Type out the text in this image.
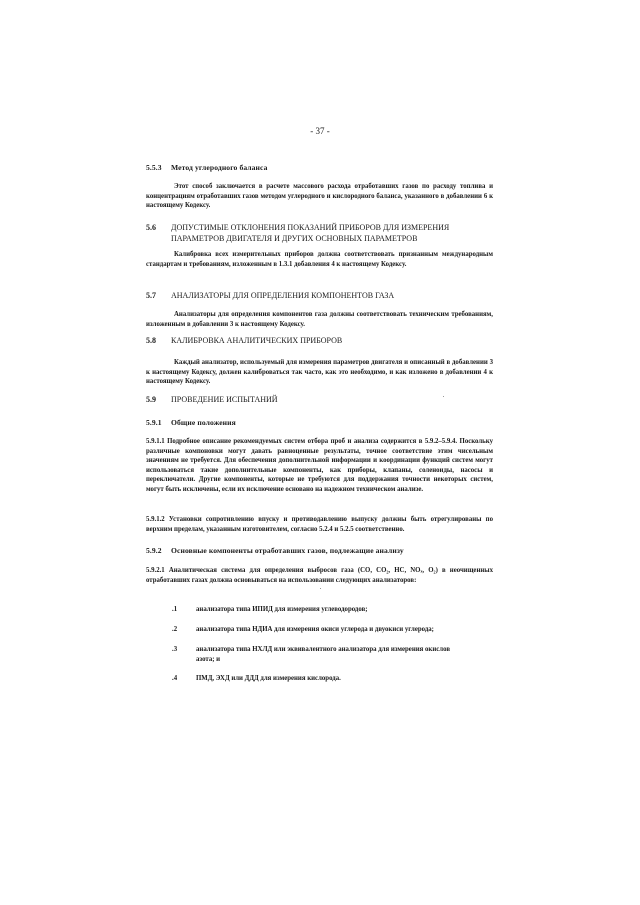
- 37 -
5.5.3 Метод углеродного баланса
Этот способ заключается в расчете массового расхода отработавших газов по расходу топлива и концентрациям отработавших газов методом углеродного и кислородного баланса, указанного в добавлении 6 к настоящему Кодексу.
5.6 ДОПУСТИМЫЕ ОТКЛОНЕНИЯ ПОКАЗАНИЙ ПРИБОРОВ ДЛЯ ИЗМЕРЕНИЯ
ПАРАМЕТРОВ ДВИГАТЕЛЯ И ДРУГИХ ОСНОВНЫХ ПАРАМЕТРОВ
Калибровка всех измерительных приборов должна соответствовать признанным международным стандартам и требованиям, изложенным в 1.3.1 добавления 4 к настоящему Кодексу.
5.7 АНАЛИЗАТОРЫ ДЛЯ ОПРЕДЕЛЕНИЯ КОМПОНЕНТОВ ГАЗА
Анализаторы для определения компонентов газа должны соответствовать техническим требованиям, изложенным в добавлении 3 к настоящему Кодексу.
5.8 КАЛИБРОВКА АНАЛИТИЧЕСКИХ ПРИБОРОВ
Каждый анализатор, используемый для измерения параметров двигателя и описанный в добавлении 3 к настоящему Кодексу, должен калиброваться так часто, как это необходимо, и как изложено в добавлении 4 к настоящему Кодексу.
5.9 ПРОВЕДЕНИЕ ИСПЫТАНИЙ
5.9.1 Общие положения
5.9.1.1 Подробное описание рекомендуемых систем отбора проб и анализа содержится в 5.9.2–5.9.4. Поскольку различные компоновки могут давать равноценные результаты, точное соответствие этим чисельным значениям не требуется. Для обеспечения дополнительной информации и координации функций систем могут использоваться такие дополнительные компоненты, как приборы, клапаны, соленоиды, насосы и переключатели. Другие компоненты, которые не требуются для поддержания точности некоторых систем, могут быть исключены, если их исключение основано на надежном техническом анализе.
5.9.1.2 Установки сопротивлению впуску и противодавлению выпуску должны быть отрегулированы по верхним пределам, указанным изготовителем, согласно 5.2.4 и 5.2.5 соответственно.
5.9.2 Основные компоненты отработавших газов, подлежащие анализу
5.9.2.1 Аналитическая система для определения выбросов газа (CO, CO₂, HC, NOₓ, O₂) в неочищенных отработавших газах должна основываться на использовании следующих анализаторов:
.1	анализатора типа ИПИД для измерения углеводородов;
.2	анализатора типа НДИА для измерения окиси углерода и двуокиси углерода;
.3	анализатора типа НХЛД или эквивалентного анализатора для измерения окислов
азота; и
.4	ПМД, ЭХД или ДДД для измерения кислорода.
